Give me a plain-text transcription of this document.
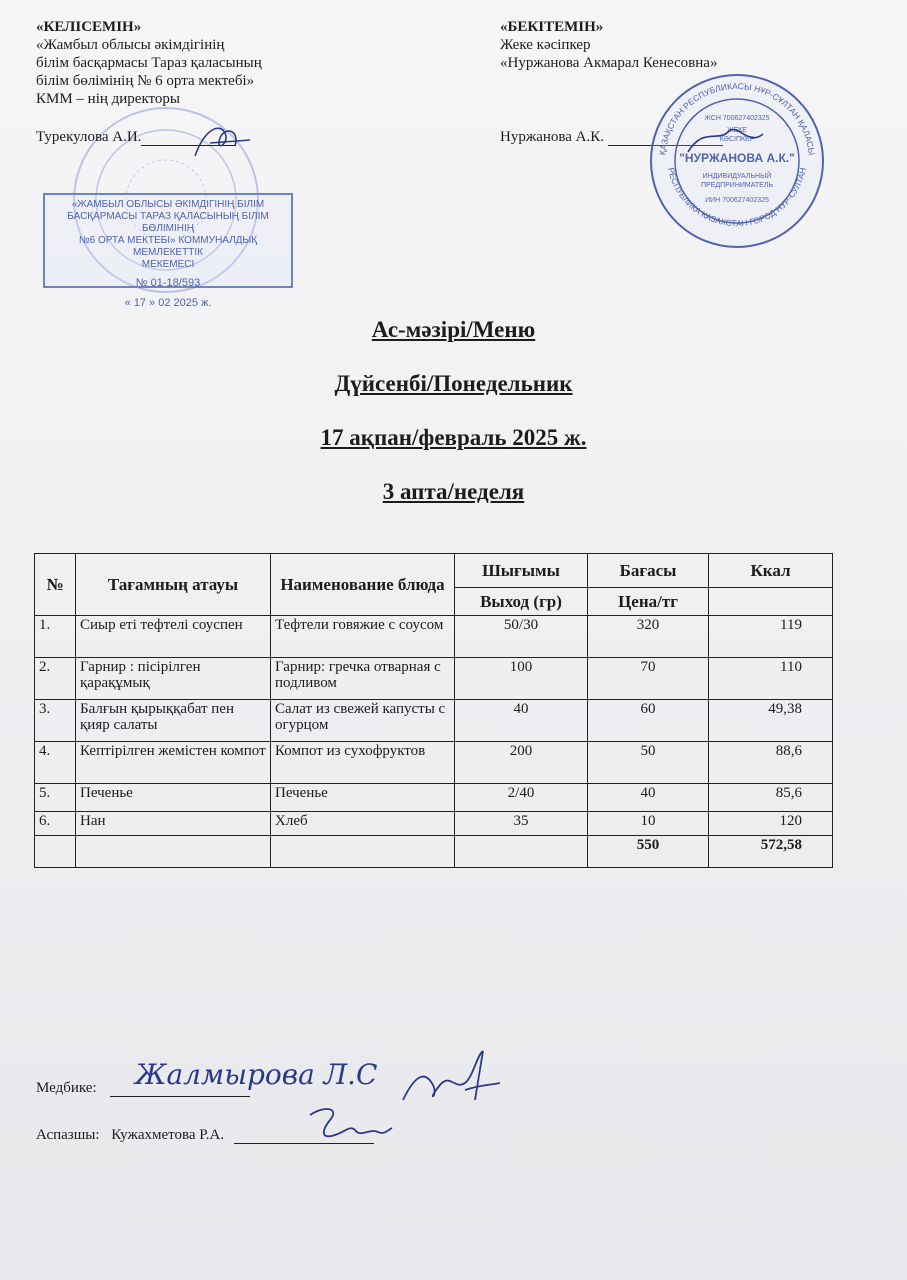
«КЕЛІСЕМІН»
«Жамбыл облысы әкімдігінің
білім басқармасы Тараз қаласының
білім бөлімінің № 6 орта мектебі»
КММ – нің директоры
Турекулова А.И.
«БЕКІТЕМІН»
Жеке кәсіпкер
«Нуржанова Акмарал Кенесовна»
Нуржанова А.К.
ҚАЗАҚСТАН РЕСПУБЛИКАСЫ НҰР-СҰЛТАН ҚАЛАСЫ
РЕСПУБЛИКА КАЗАХСТАН ГОРОД НУР-СУЛТАН
ЖСН 700627402325
ЖЕКЕ
КӘСІПКЕР
"НУРЖАНОВА А.К."
ИНДИВИДУАЛЬНЫЙ
ПРЕДПРИНИМАТЕЛЬ
ИИН 700627402325
«ЖАМБЫЛ ОБЛЫСЫ ӘКІМДІГІНІҢ БІЛІМ
БАСҚАРМАСЫ ТАРАЗ ҚАЛАСЫНЫҢ БІЛІМ БӨЛІМІНІҢ
№6 ОРТА МЕКТЕБІ» КОММУНАЛДЫҚ МЕМЛЕКЕТТІК
МЕКЕМЕСІ
№ 01-18/593
« 17 » 02 2025 ж.
Ас-мәзірі/Меню
Дүйсенбі/Понедельник
17 ақпан/февраль 2025 ж.
3 апта/неделя
№	Тағамның атауы	Наименование блюда	Шығымы	Бағасы	Ккал
			Выход (гр)	Цена/тг	
1.	Сиыр еті тефтелі соуспен	Тефтели говяжие с соусом	50/30	320	119
2.	Гарнир : пісірілген қарақұмық	Гарнир: гречка отварная с подливом	100	70	110
3.	Балғын қырыққабат пен қияр салаты	Салат из свежей капусты с огурцом	40	60	49,38
4.	Кептірілген жемістен компот	Компот из сухофруктов	200	50	88,6
5.	Печенье	Печенье	2/40	40	85,6
6.	Нан	Хлеб	35	10	120
				550	572,58
Медбике:	Жалмырова Л.С
Аспазшы: Кужахметова Р.А.
